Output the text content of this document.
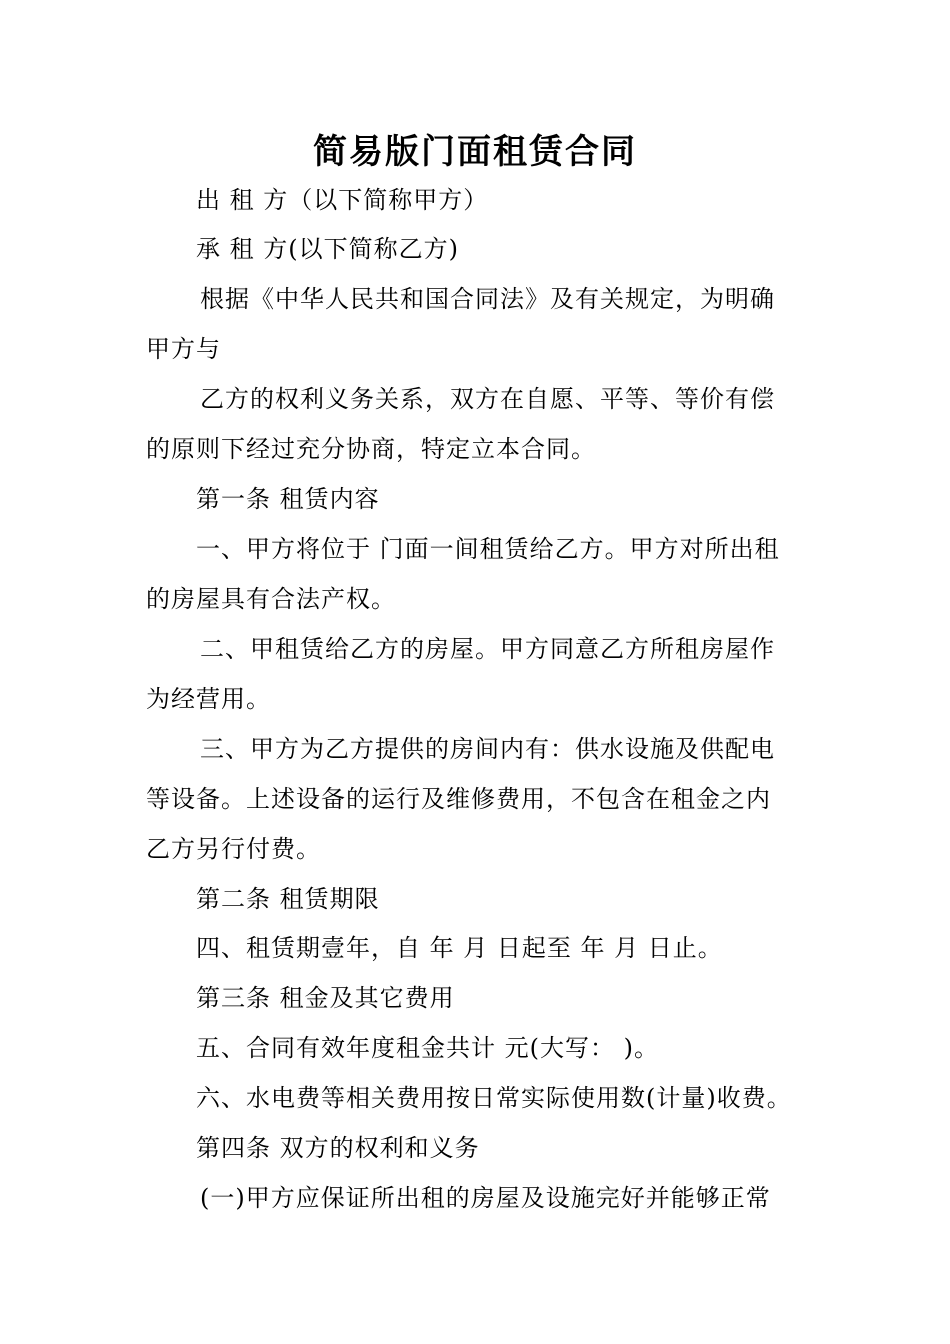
简易版门面租赁合同
出 租 方（以下简称甲方）
承 租 方(以下简称乙方)
根据《中华人民共和国合同法》及有关规定，为明确
甲方与
乙方的权利义务关系，双方在自愿、平等、等价有偿
的原则下经过充分协商，特定立本合同。
第一条 租赁内容
一、甲方将位于 门面一间租赁给乙方。甲方对所出租
的房屋具有合法产权。
二、甲租赁给乙方的房屋。甲方同意乙方所租房屋作
为经营用。
三、甲方为乙方提供的房间内有：供水设施及供配电
等设备。上述设备的运行及维修费用，不包含在租金之内
乙方另行付费。
第二条 租赁期限
四、租赁期壹年，自 年 月 日起至 年 月 日止。
第三条 租金及其它费用
五、合同有效年度租金共计 元(大写： )。
六、水电费等相关费用按日常实际使用数(计量)收费。
第四条 双方的权利和义务
(一)甲方应保证所出租的房屋及设施完好并能够正常
